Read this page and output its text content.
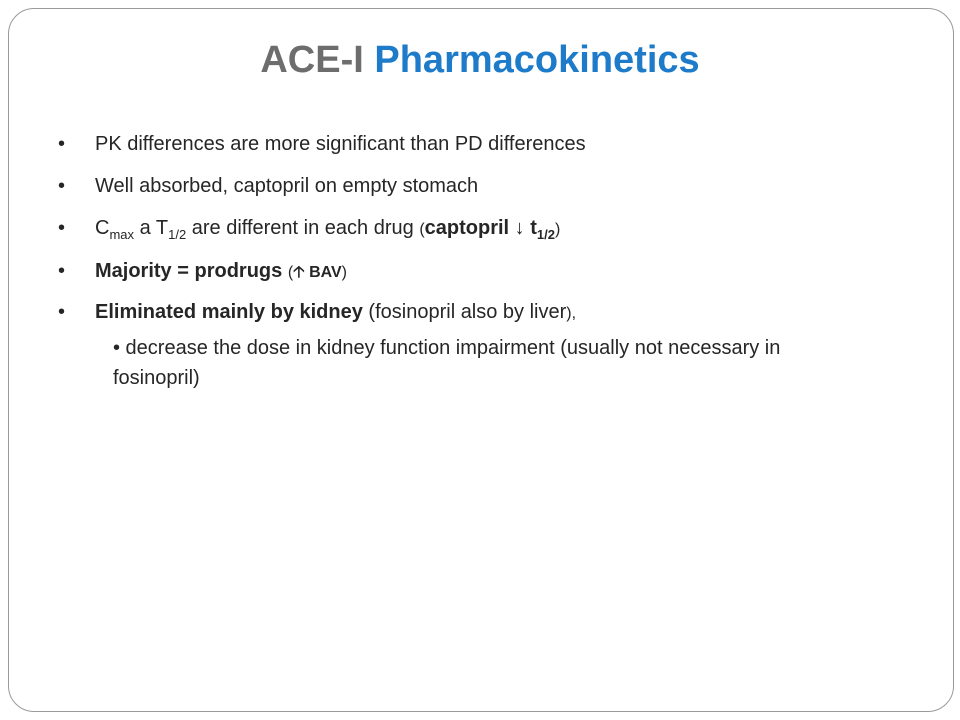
ACE-I Pharmacokinetics
•	PK differences are more significant than PD differences
•	Well absorbed, captopril on empty stomach
•	$C_{max}$ a $T_{1/2}$ are different in each drug (captopril ↓ $t_{1/2}$)
•	Majority = prodrugs (🡡 BAV)
•	Eliminated mainly by kidney (fosinopril also by liver),
• decrease the dose in kidney function impairment (usually not necessary in fosinopril)
